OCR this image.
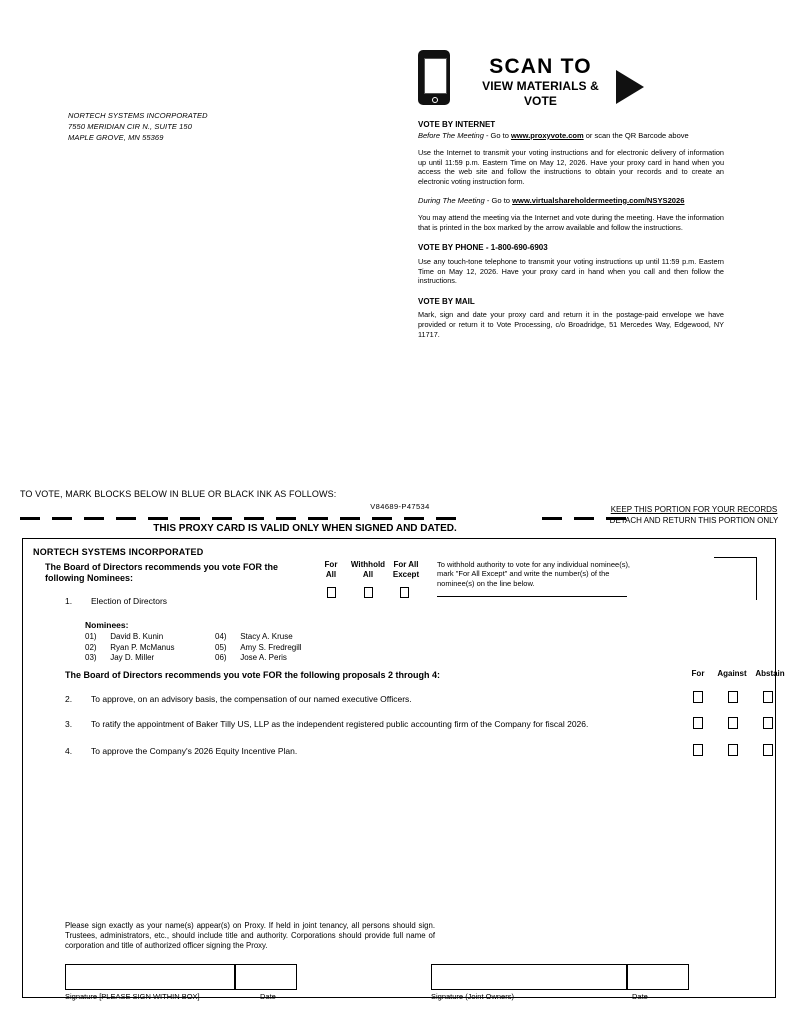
NORTECH SYSTEMS INCORPORATED
7550 MERIDIAN CIR N., SUITE 150
MAPLE GROVE, MN 55369
SCAN TO
VIEW MATERIALS & VOTE
VOTE BY INTERNET
Before The Meeting - Go to www.proxyvote.com or scan the QR Barcode above
Use the Internet to transmit your voting instructions and for electronic delivery of information up until 11:59 p.m. Eastern Time on May 12, 2026. Have your proxy card in hand when you access the web site and follow the instructions to obtain your records and to create an electronic voting instruction form.
During The Meeting - Go to www.virtualshareholdermeeting.com/NSYS2026
You may attend the meeting via the Internet and vote during the meeting. Have the information that is printed in the box marked by the arrow available and follow the instructions.
VOTE BY PHONE - 1-800-690-6903
Use any touch-tone telephone to transmit your voting instructions up until 11:59 p.m. Eastern Time on May 12, 2026. Have your proxy card in hand when you call and then follow the instructions.
VOTE BY MAIL
Mark, sign and date your proxy card and return it in the postage-paid envelope we have provided or return it to Vote Processing, c/o Broadridge, 51 Mercedes Way, Edgewood, NY 11717.
TO VOTE, MARK BLOCKS BELOW IN BLUE OR BLACK INK AS FOLLOWS:
V84689-P47534	KEEP THIS PORTION FOR YOUR RECORDS
DETACH AND RETURN THIS PORTION ONLY
THIS PROXY CARD IS VALID ONLY WHEN SIGNED AND DATED.
NORTECH SYSTEMS INCORPORATED
The Board of Directors recommends you vote FOR the following Nominees:
For
All
Withhold
All
For All
Except
To withhold authority to vote for any individual nominee(s), mark "For All Except" and write the number(s) of the nominee(s) on the line below.
1. Election of Directors
Nominees:
01)	David B. Kunin	04)	Stacy A. Kruse
02)	Ryan P. McManus	05)	Amy S. Fredregill
03)	Jay D. Miller	06)	Jose A. Peris
The Board of Directors recommends you vote FOR the following proposals 2 through 4:	For	Against	Abstain
2. To approve, on an advisory basis, the compensation of our named executive Officers.
3. To ratify the appointment of Baker Tilly US, LLP as the independent registered public accounting firm of the Company for fiscal 2026.
4. To approve the Company's 2026 Equity Incentive Plan.
Please sign exactly as your name(s) appear(s) on Proxy. If held in joint tenancy, all persons should sign. Trustees, administrators, etc., should include title and authority. Corporations should provide full name of corporation and title of authorized officer signing the Proxy.
Signature [PLEASE SIGN WITHIN BOX]	Date	Signature (Joint Owners)	Date
